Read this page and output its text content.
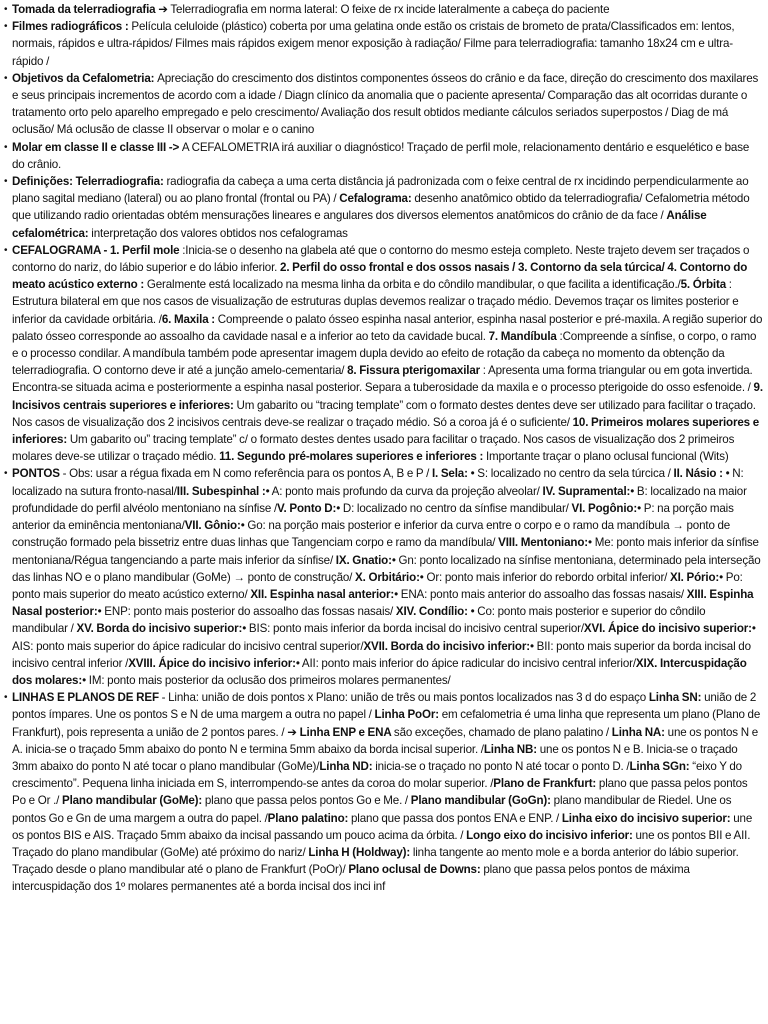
• Tomada da telerradiografia ➔ Telerradiografia em norma lateral: O feixe de rx incide lateralmente a cabeça do paciente
• Filmes radiográficos : Película celuloide (plástico) coberta por uma gelatina onde estão os cristais de brometo de prata/Classificados em: lentos, normais, rápidos e ultra-rápidos/ Filmes mais rápidos exigem menor exposição à radiação/ Filme para telerradiografia: tamanho 18x24 cm e ultra-rápido /
• Objetivos da Cefalometria: Apreciação do crescimento dos distintos componentes ósseos do crânio e da face, direção do crescimento dos maxilares e seus principais incrementos de acordo com a idade / Diagn clínico da anomalia que o paciente apresenta/ Comparação das alt ocorridas durante o tratamento orto pelo aparelho empregado e pelo crescimento/ Avaliação dos result obtidos mediante cálculos seriados superpostos / Diag de má oclusão/ Má oclusão de classe II observar o molar e o canino
• Molar em classe II e classe III -> A CEFALOMETRIA irá auxiliar o diagnóstico! Traçado de perfil mole, relacionamento dentário e esquelético e base do crânio.
• Definições: Telerradiografia: radiografia da cabeça a uma certa distância já padronizada com o feixe central de rx incidindo perpendicularmente ao plano sagital mediano (lateral) ou ao plano frontal (frontal ou PA) / Cefalograma: desenho anatômico obtido da telerradiografia/ Cefalometria método que utilizando radio orientadas obtém mensurações lineares e angulares dos diversos elementos anatômicos do crânio de da face / Análise cefalométrica: interpretação dos valores obtidos nos cefalogramas
• CEFALOGRAMA - 1. Perfil mole :Inicia-se o desenho na glabela até que o contorno do mesmo esteja completo. Neste trajeto devem ser traçados o contorno do nariz, do lábio superior e do lábio inferior. 2. Perfil do osso frontal e dos ossos nasais / 3. Contorno da sela túrcica/ 4. Contorno do meato acústico externo : Geralmente está localizado na mesma linha da orbita e do côndilo mandibular, o que facilita a identificação./5. Órbita : Estrutura bilateral em que nos casos de visualização de estruturas duplas devemos realizar o traçado médio. Devemos traçar os limites posterior e inferior da cavidade orbitária. /6. Maxila : Compreende o palato ósseo espinha nasal anterior, espinha nasal posterior e pré-maxila. A região superior do palato ósseo corresponde ao assoalho da cavidade nasal e a inferior ao teto da cavidade bucal. 7. Mandíbula :Compreende a sínfise, o corpo, o ramo e o processo condilar. A mandíbula também pode apresentar imagem dupla devido ao efeito de rotação da cabeça no momento da obtenção da telerradiografia. O contorno deve ir até a junção amelo-cementaria/ 8. Fissura pterigomaxilar : Apresenta uma forma triangular ou em gota invertida. Encontra-se situada acima e posteriormente a espinha nasal posterior. Separa a tuberosidade da maxila e o processo pterigoide do osso esfenoide. / 9. Incisivos centrais superiores e inferiores: Um gabarito ou “tracing template” com o formato destes dentes deve ser utilizado para facilitar o traçado. Nos casos de visualização dos 2 incisivos centrais deve-se realizar o traçado médio. Só a coroa já é o suficiente/ 10. Primeiros molares superiores e inferiores: Um gabarito ou” tracing template” c/ o formato destes dentes usado para facilitar o traçado. Nos casos de visualização dos 2 primeiros molares deve-se utilizar o traçado médio. 11. Segundo pré-molares superiores e inferiores : Importante traçar o plano oclusal funcional (Wits)
• PONTOS - Obs: usar a régua fixada em N como referência para os pontos A, B e P / I. Sela: • S: localizado no centro da sela túrcica / II. Násio : • N: localizado na sutura fronto-nasal/III. Subespinhal :• A: ponto mais profundo da curva da projeção alveolar/ IV. Supramental:• B: localizado na maior profundidade do perfil alvéolo mentoniano na sínfise /V. Ponto D:• D: localizado no centro da sínfise mandibular/ VI. Pogônio:• P: na porção mais anterior da eminência mentoniana/VII. Gônio:• Go: na porção mais posterior e inferior da curva entre o corpo e o ramo da mandíbula → ponto de construção formado pela bissetriz entre duas linhas que Tangenciam corpo e ramo da mandíbula/ VIII. Mentoniano:• Me: ponto mais inferior da sínfise mentoniana/Régua tangenciando a parte mais inferior da sínfise/ IX. Gnatio:• Gn: ponto localizado na sínfise mentoniana, determinado pela interseção das linhas NO e o plano mandibular (GoMe) → ponto de construção/ X. Orbitário:• Or: ponto mais inferior do rebordo orbital inferior/ XI. Pório:• Po: ponto mais superior do meato acústico externo/ XII. Espinha nasal anterior:• ENA: ponto mais anterior do assoalho das fossas nasais/ XIII. Espinha Nasal posterior:• ENP: ponto mais posterior do assoalho das fossas nasais/ XIV. Condílio: • Co: ponto mais posterior e superior do côndilo mandibular / XV. Borda do incisivo superior:• BIS: ponto mais inferior da borda incisal do incisivo central superior/XVI. Ápice do incisivo superior:• AIS: ponto mais superior do ápice radicular do incisivo central superior/XVII. Borda do incisivo inferior:• BII: ponto mais superior da borda incisal do incisivo central inferior /XVIII. Ápice do incisivo inferior:• AII: ponto mais inferior do ápice radicular do incisivo central inferior/XIX. Intercuspidação dos molares:• IM: ponto mais posterior da oclusão dos primeiros molares permanentes/
• LINHAS E PLANOS DE REF - Linha: união de dois pontos x Plano: união de três ou mais pontos localizados nas 3 d do espaço Linha SN: união de 2 pontos ímpares. Une os pontos S e N de uma margem a outra no papel / Linha PoOr: em cefalometria é uma linha que representa um plano (Plano de Frankfurt), pois representa a união de 2 pontos pares. / ➔ Linha ENP e ENA são exceções, chamado de plano palatino / Linha NA: une os pontos N e A. inicia-se o traçado 5mm abaixo do ponto N e termina 5mm abaixo da borda incisal superior. /Linha NB: une os pontos N e B. Inicia-se o traçado 3mm abaixo do ponto N até tocar o plano mandibular (GoMe)/Linha ND: inicia-se o traçado no ponto N até tocar o ponto D. /Linha SGn: “eixo Y do crescimento”. Pequena linha iniciada em S, interrompendo-se antes da coroa do molar superior. /Plano de Frankfurt: plano que passa pelos pontos Po e Or ./ Plano mandibular (GoMe): plano que passa pelos pontos Go e Me. / Plano mandibular (GoGn): plano mandibular de Riedel. Une os pontos Go e Gn de uma margem a outra do papel. /Plano palatino: plano que passa dos pontos ENA e ENP. / Linha eixo do incisivo superior: une os pontos BIS e AIS. Traçado 5mm abaixo da incisal passando um pouco acima da órbita. / Longo eixo do incisivo inferior: une os pontos BII e AII. Traçado do plano mandibular (GoMe) até próximo do nariz/ Linha H (Holdway): linha tangente ao mento mole e a borda anterior do lábio superior. Traçado desde o plano mandibular até o plano de Frankfurt (PoOr)/ Plano oclusal de Downs: plano que passa pelos pontos de máxima intercuspidação dos 1º molares permanentes até a borda incisal dos inci inf
